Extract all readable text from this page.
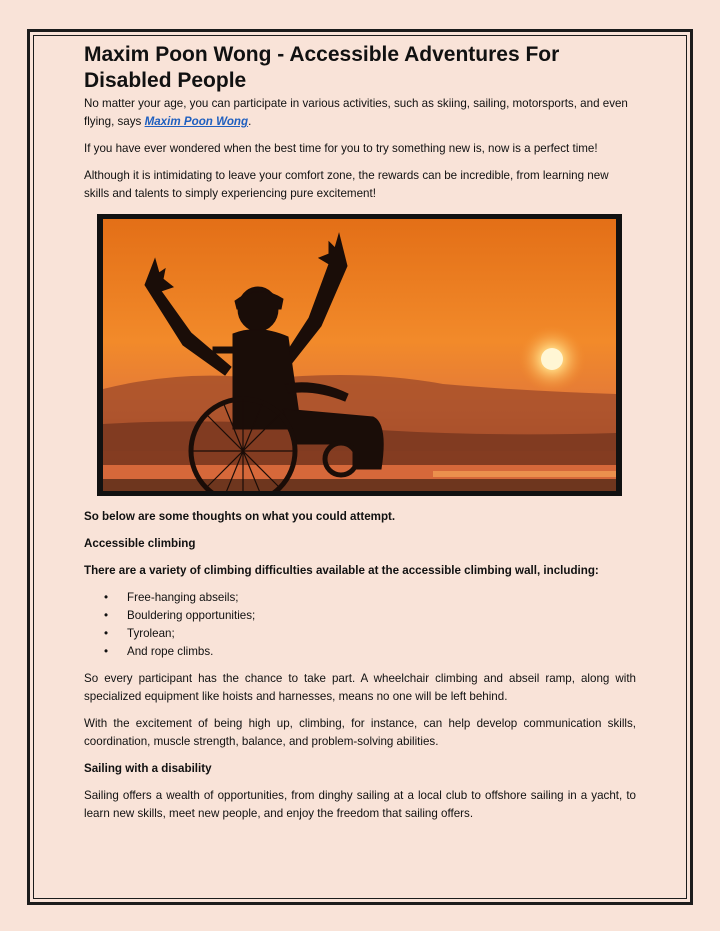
Maxim Poon Wong - Accessible Adventures For Disabled People

No matter your age, you can participate in various activities, such as skiing, sailing, motorsports, and even flying, says Maxim Poon Wong.

If you have ever wondered when the best time for you to try something new is, now is a perfect time!

Although it is intimidating to leave your comfort zone, the rewards can be incredible, from learning new skills and talents to simply experiencing pure excitement!

So below are some thoughts on what you could attempt.

Accessible climbing

There are a variety of climbing difficulties available at the accessible climbing wall, including:

• Free-hanging abseils;
• Bouldering opportunities;
• Tyrolean;
• And rope climbs.

So every participant has the chance to take part. A wheelchair climbing and abseil ramp, along with specialized equipment like hoists and harnesses, means no one will be left behind.

With the excitement of being high up, climbing, for instance, can help develop communication skills, coordination, muscle strength, balance, and problem-solving abilities.

Sailing with a disability

Sailing offers a wealth of opportunities, from dinghy sailing at a local club to offshore sailing in a yacht, to learn new skills, meet new people, and enjoy the freedom that sailing offers.
